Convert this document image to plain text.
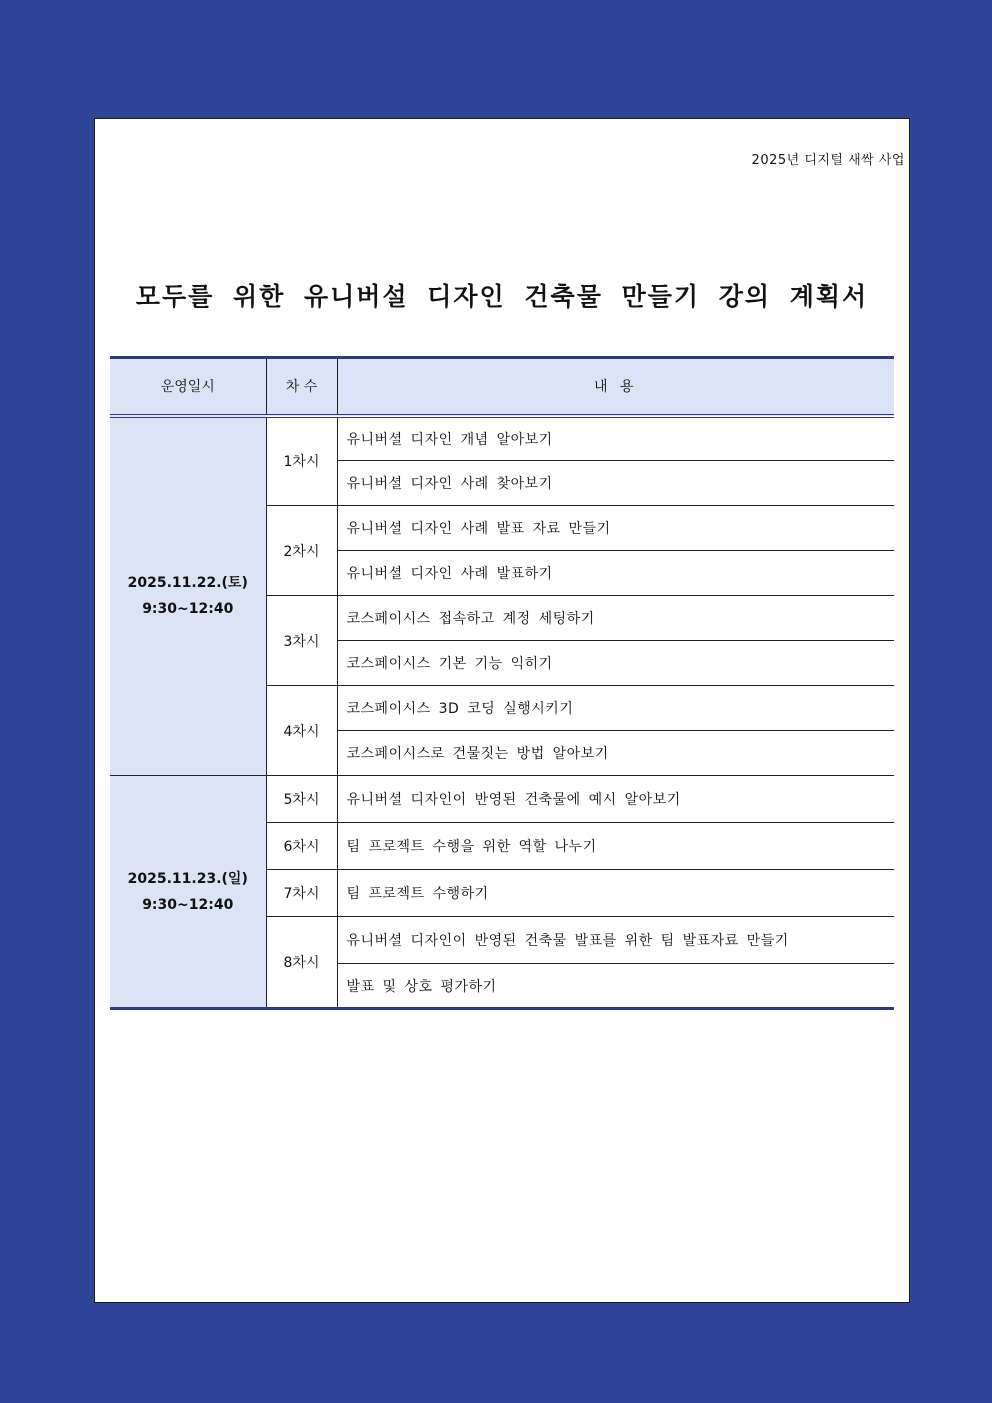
2025년 디지털 새싹 사업
모두를 위한 유니버설 디자인 건축물 만들기 강의 계획서
운영일시	차 수	내 용

2025.11.22.(토)
9:30~12:40	1차시	유니버셜 디자인 개념 알아보기
		유니버셜 디자인 사례 찾아보기
	2차시	유니버셜 디자인 사례 발표 자료 만들기
		유니버셜 디자인 사례 발표하기
	3차시	코스페이시스 접속하고 계정 세팅하기
		코스페이시스 기본 기능 익히기
	4차시	코스페이시스 3D 코딩 실행시키기
		코스페이시스로 건물짓는 방법 알아보기

2025.11.23.(일)
9:30~12:40	5차시	유니버셜 디자인이 반영된 건축물에 예시 알아보기
	6차시	팀 프로젝트 수행을 위한 역할 나누기
	7차시	팀 프로젝트 수행하기
	8차시	유니버셜 디자인이 반영된 건축물 발표를 위한 팀 발표자료 만들기
		발표 및 상호 평가하기
